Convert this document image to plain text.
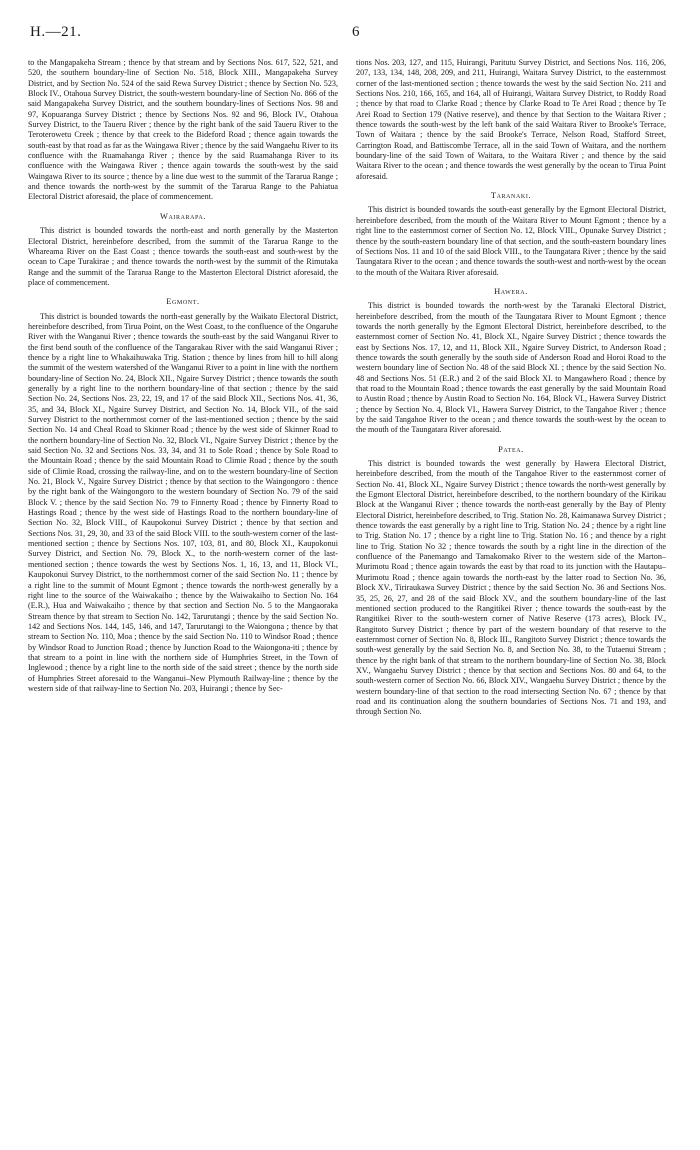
H.—21.	6

to the Mangapakeha Stream ; thence by that stream and by Sections Nos. 617, 522, 521, and 520, the southern boundary-line of Section No. 518, Block XIII., Mangapakeha Survey District, and by Section No. 524 of the said Rewa Survey District ; thence by Section No. 523, Block IV., Otahoua Survey District, the south-western boundary-line of Section No. 866 of the said Mangapakeha Survey District, and the southern boundary-lines of Sections Nos. 98 and 97, Kopuaranga Survey District ; thence by Sections Nos. 92 and 96, Block IV., Otahoua Survey District, to the Taueru River ; thence by the right bank of the said Taueru River to the Teroterowetu Creek ; thence by that creek to the Bideford Road ; thence again towards the south-east by that road as far as the Waingawa River ; thence by the said Wangaehu River to its confluence with the Ruamahanga River ; thence by the said Ruamahanga River to its confluence with the Waingawa River ; thence again towards the south-west by the said Waingawa River to its source ; thence by a line due west to the summit of the Tararua Range ; and thence towards the north-west by the summit of the Tararua Range to the Pahiatua Electoral District aforesaid, the place of commencement.

Wairarapa.

This district is bounded towards the north-east and north generally by the Masterton Electoral District, hereinbefore described, from the summit of the Tararua Range to the Whareama River on the East Coast ; thence towards the south-east and south-west by the ocean to Cape Turakirae ; and thence towards the north-west by the summit of the Rimutaka Range and the summit of the Tararua Range to the Masterton Electoral District aforesaid, the place of commencement.

Egmont.

This district is bounded towards the north-east generally by the Waikato Electoral District, hereinbefore described, from Tirua Point, on the West Coast, to the confluence of the Ongaruhe River with the Wanganui River ; thence towards the south-east by the said Wanganui River to the first bend south of the confluence of the Tangarakau River with the said Wanganui River ; thence by a right line to Whakaihuwaka Trig. Station ; thence by lines from hill to hill along the summit of the western watershed of the Wanganui River to a point in line with the northern boundary-line of Section No. 24, Block XII., Ngaire Survey District ; thence towards the south generally by a right line to the northern boundary-line of that section ; thence by the said Section No. 24, Sections Nos. 23, 22, 19, and 17 of the said Block XII., Sections Nos. 41, 36, 35, and 34, Block XI., Ngaire Survey District, and Section No. 14, Block VII., of the said Survey District to the northernmost corner of the last-mentioned section ; thence by the said Section No. 14 and Cheal Road to Skinner Road ; thence by the west side of Skinner Road to the northern boundary-line of Section No. 32, Block VI., Ngaire Survey District ; thence by the said Section No. 32 and Sections Nos. 33, 34, and 31 to Sole Road ; thence by Sole Road to the Mountain Road ; thence by the said Mountain Road to Climie Road ; thence by the south side of Climie Road, crossing the railway-line, and on to the western boundary-line of Section No. 21, Block V., Ngaire Survey District ; thence by that section to the Waingongoro : thence by the right bank of the Waingongoro to the western boundary of Section No. 79 of the said Block V. ; thence by the said Section No. 79 to Finnerty Road ; thence by Finnerty Road to Hastings Road ; thence by the west side of Hastings Road to the northern boundary-line of Section No. 32, Block VIII., of Kaupokonui Survey District ; thence by that section and Sections Nos. 31, 29, 30, and 33 of the said Block VIII. to the south-western corner of the last-mentioned section ; thence by Sections Nos. 107, 103, 81, and 80, Block XI., Kaupokonui Survey District, and Section No. 79, Block X., to the north-western corner of the last-mentioned section ; thence towards the west by Sections Nos. 1, 16, 13, and 11, Block VI., Kaupokonui Survey District, to the northernmost corner of the said Section No. 11 ; thence by a right line to the summit of Mount Egmont ; thence towards the north-west generally by a right line to the source of the Waiwakaiho ; thence by the Waiwakaiho to Section No. 164 (E.R.), Hua and Waiwakaiho ; thence by that section and Section No. 5 to the Mangaoraka Stream thence by that stream to Section No. 142, Tarurutangi ; thence by the said Section No. 142 and Sections Nos. 144, 145, 146, and 147, Tarurutangi to the Waiongona ; thence by that stream to Section No. 110, Moa ; thence by the said Section No. 110 to Windsor Road ; thence by Windsor Road to Junction Road ; thence by Junction Road to the Waiongona-iti ; thence by that stream to a point in line with the northern side of Humphries Street, in the Town of Inglewood ; thence by a right line to the north side of the said street ; thence by the north side of Humphries Street aforesaid to the Wanganui–New Plymouth Railway-line ; thence by the western side of that railway-line to Section No. 203, Huirangi ; thence by Sec-

tions Nos. 203, 127, and 115, Huirangi, Paritutu Survey District, and Sections Nos. 116, 206, 207, 133, 134, 148, 208, 209, and 211, Huirangi, Waitara Survey District, to the easternmost corner of the last-mentioned section ; thence towards the west by the said Section No. 211 and Sections Nos. 210, 166, 165, and 164, all of Huirangi, Waitara Survey District, to Roddy Road ; thence by that road to Clarke Road ; thence by Clarke Road to Te Arei Road ; thence by Te Arei Road to Section 179 (Native reserve), and thence by that Section to the Waitara River ; thence towards the south-west by the left bank of the said Waitara River to Brooke's Terrace, Town of Waitara ; thence by the said Brooke's Terrace, Nelson Road, Stafford Street, Carrington Road, and Battiscombe Terrace, all in the said Town of Waitara, and the northern boundary-line of the said Town of Waitara, to the Waitara River ; and thence by the said Waitara River to the ocean ; and thence towards the west generally by the ocean to Tirua Point aforesaid.

Taranaki.

This district is bounded towards the south-east generally by the Egmont Electoral District, hereinbefore described, from the mouth of the Waitara River to Mount Egmont ; thence by a right line to the easternmost corner of Section No. 12, Block VIII., Opunake Survey District ; thence by the south-eastern boundary line of that section, and the south-eastern boundary lines of Sections Nos. 11 and 10 of the said Block VIII., to the Taungatara River ; thence by the said Taungatara River to the ocean ; and thence towards the south-west and north-west by the ocean to the mouth of the Waitara River aforesaid.

Hawera.

This district is bounded towards the north-west by the Taranaki Electoral District, hereinbefore described, from the mouth of the Taungatara River to Mount Egmont ; thence towards the north generally by the Egmont Electoral District, hereinbefore described, to the easternmost corner of Section No. 41, Block XI., Ngaire Survey District ; thence towards the east by Sections Nos. 17, 12, and 11, Block XII., Ngaire Survey District, to Anderson Road ; thence towards the south generally by the south side of Anderson Road and Horoi Road to the western boundary line of Section No. 48 of the said Block XI. ; thence by the said Section No. 48 and Sections Nos. 51 (E.R.) and 2 of the said Block XI. to Mangawhero Road ; thence by that road to the Mountain Road ; thence towards the east generally by the said Mountain Road to Austin Road ; thence by Austin Road to Section No. 164, Block VI., Hawera Survey District ; thence by Section No. 4, Block VI., Hawera Survey District, to the Tangahoe River ; thence by the said Tangahoe River to the ocean ; and thence towards the south-west by the ocean to the mouth of the Taungatara River aforesaid.

Patea.

This district is bounded towards the west generally by Hawera Electoral District, hereinbefore described, from the mouth of the Tangahoe River to the easternmost corner of Section No. 41, Block XI., Ngaire Survey District ; thence towards the north-west generally by the Egmont Electoral District, hereinbefore described, to the northern boundary of the Kirikau Block at the Wanganui River ; thence towards the north-east generally by the Bay of Plenty Electoral District, hereinbefore described, to Trig. Station No. 28, Kaimanawa Survey District ; thence towards the east generally by a right line to Trig. Station No. 24 ; thence by a right line to Trig. Station No. 17 ; thence by a right line to Trig. Station No. 16 ; and thence by a right line to Trig. Station No 32 ; thence towards the south by a right line in the direction of the confluence of the Panemango and Tamakomako River to the western side of the Marton–Murimotu Road ; thence again towards the east by that road to its junction with the Hautapu–Murimotu Road ; thence again towards the north-east by the latter road to Section No. 36, Block XV., Tiriraukawa Survey District ; thence by the said Section No. 36 and Sections Nos. 35, 25, 26, 27, and 28 of the said Block XV., and the southern boundary-line of the last mentioned section produced to the Rangitikei River ; thence towards the south-east by the Rangitikei River to the south-western corner of Native Reserve (173 acres), Block IV., Rangitoto Survey District ; thence by part of the western boundary of that reserve to the easternmost corner of Section No. 8, Block III., Rangitoto Survey District ; thence towards the south-west generally by the said Section No. 8, and Section No. 38, to the Tutaenui Stream ; thence by the right bank of that stream to the northern boundary-line of Section No. 38, Block XV., Wangaehu Survey District ; thence by that section and Sections Nos. 80 and 64, to the south-western corner of Section No. 66, Block XIV., Wangaehu Survey District ; thence by the western boundary-line of that section to the road intersecting Section No. 67 ; thence by that road and its continuation along the southern boundaries of Sections Nos. 71 and 193, and through Section No.
